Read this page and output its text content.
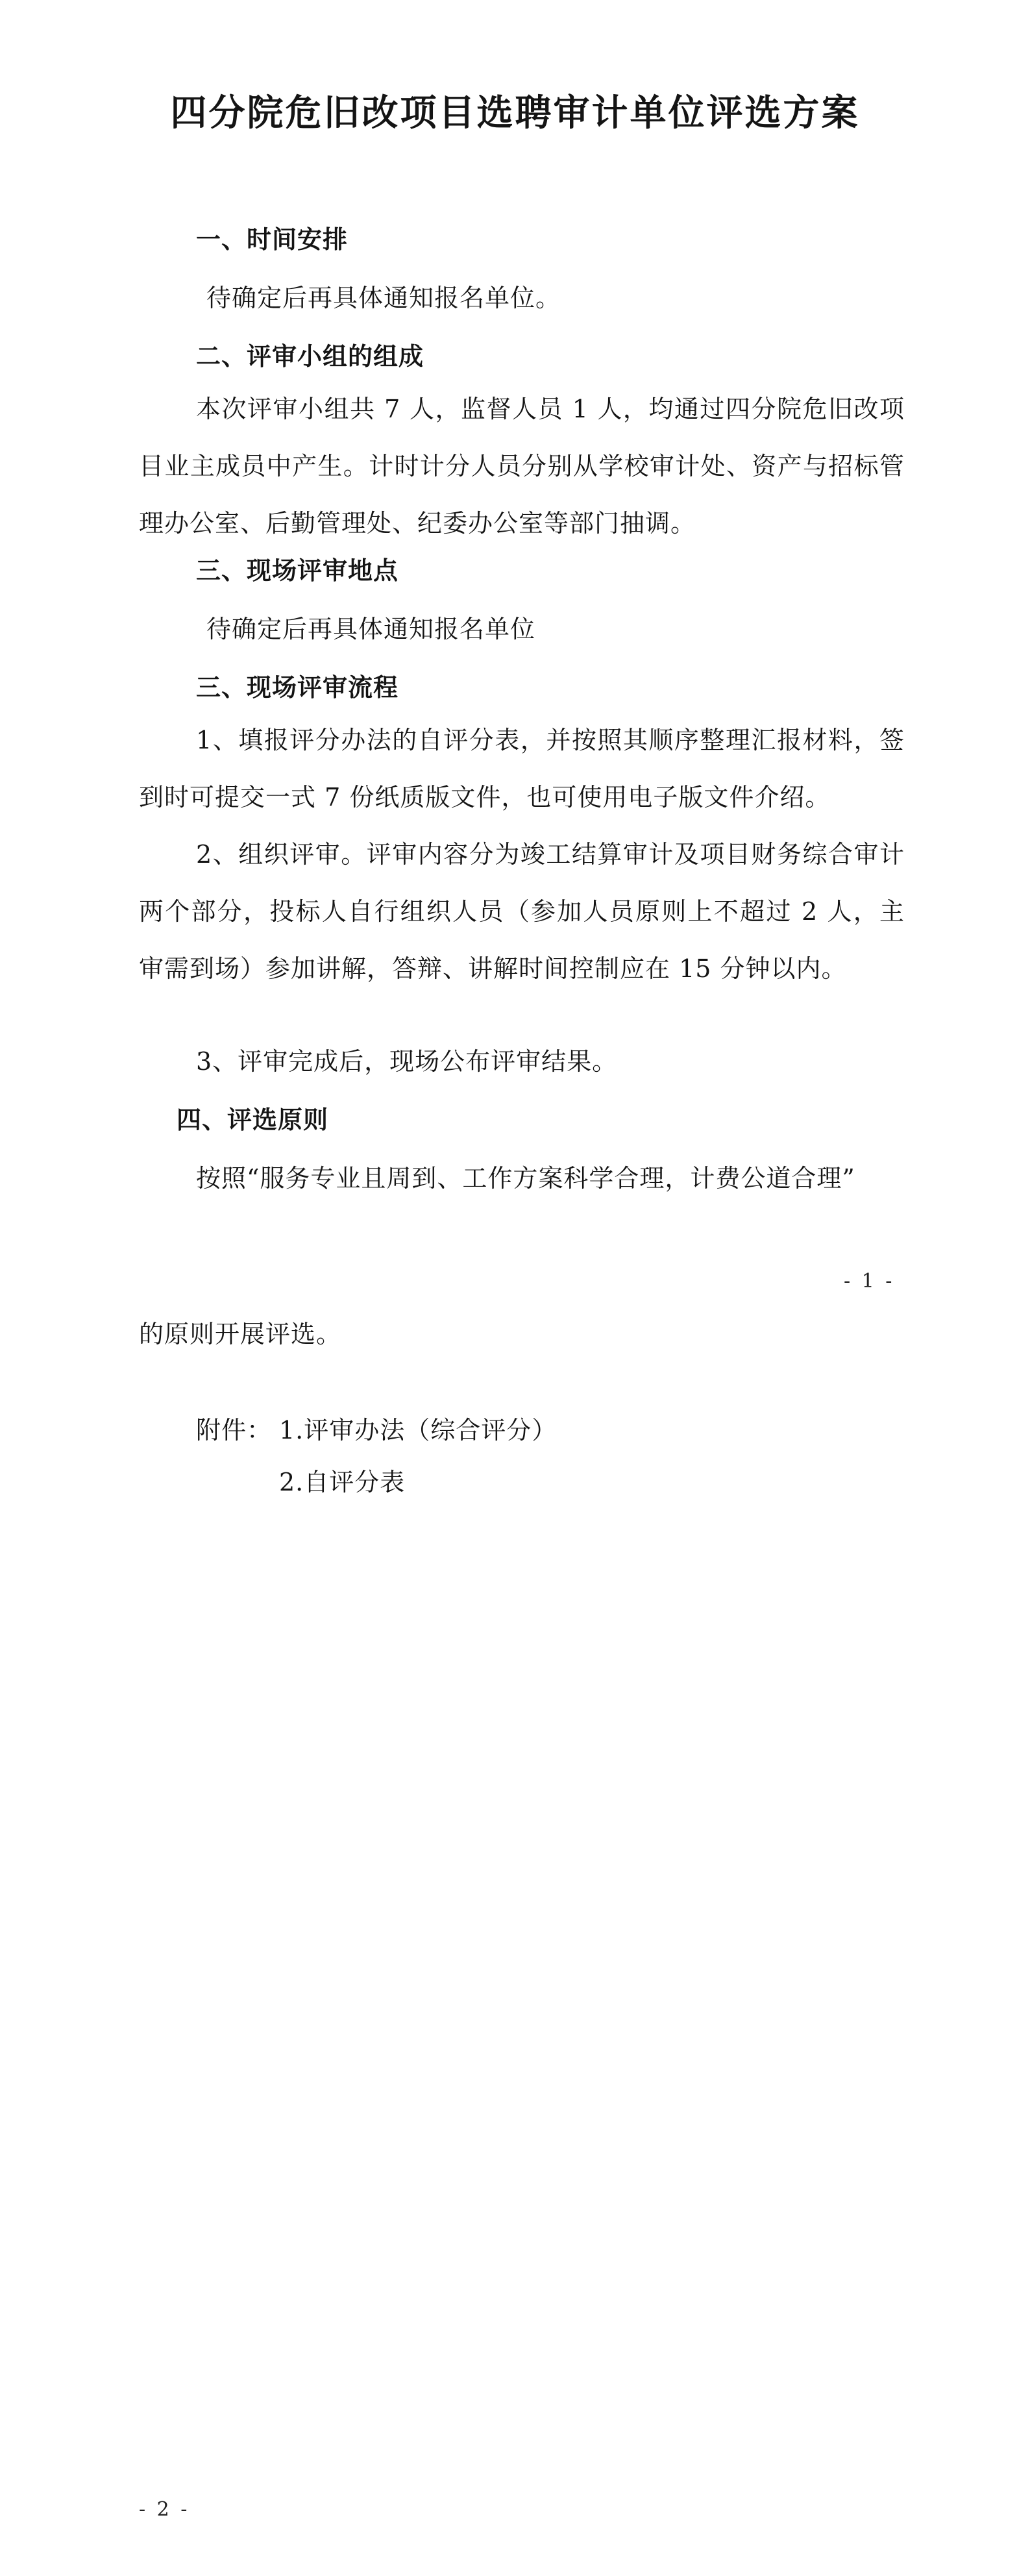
四分院危旧改项目选聘审计单位评选方案
一、时间安排
待确定后再具体通知报名单位。
二、评审小组的组成
本次评审小组共 7 人，监督人员 1 人，均通过四分院危旧改项目业主成员中产生。计时计分人员分别从学校审计处、资产与招标管理办公室、后勤管理处、纪委办公室等部门抽调。
三、现场评审地点
待确定后再具体通知报名单位
三、现场评审流程
1、填报评分办法的自评分表，并按照其顺序整理汇报材料，签到时可提交一式 7 份纸质版文件，也可使用电子版文件介绍。
2、组织评审。评审内容分为竣工结算审计及项目财务综合审计两个部分，投标人自行组织人员（参加人员原则上不超过 2 人，主审需到场）参加讲解，答辩、讲解时间控制应在 15 分钟以内。
3、评审完成后，现场公布评审结果。
四、评选原则
按照“服务专业且周到、工作方案科学合理，计费公道合理”
- 1 -
的原则开展评选。
附件： 1.评审办法（综合评分）
2.自评分表
- 2 -
